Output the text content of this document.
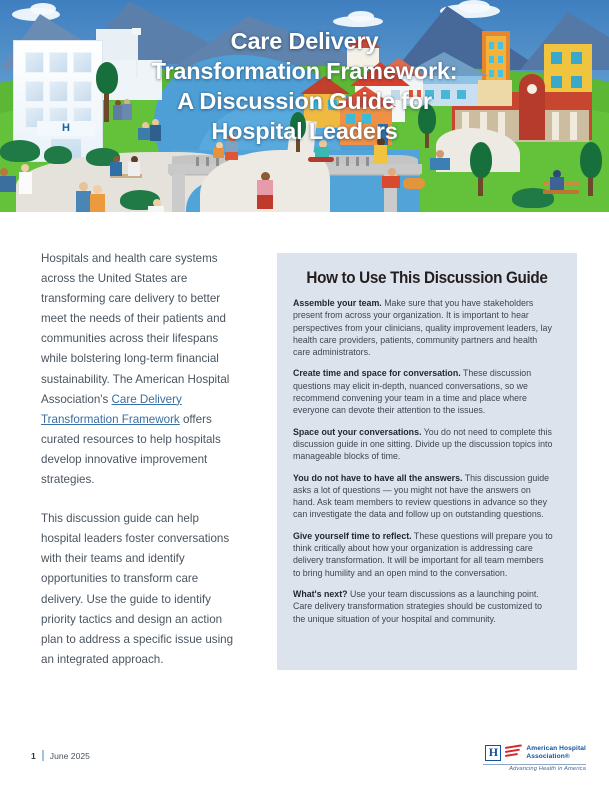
H
Care Delivery
Transformation Framework:
A Discussion Guide for
Hospital Leaders

Hospitals and health care systems across the United States are transforming care delivery to better meet the needs of their patients and communities across their lifespans while bolstering long-term financial sustainability. The American Hospital Association's Care Delivery Transformation Framework offers curated resources to help hospitals develop innovative improvement strategies.

This discussion guide can help hospital leaders foster conversations with their teams and identify opportunities to transform care delivery. Use the guide to identify priority tactics and design an action plan to address a specific issue using an integrated approach.

How to Use This Discussion Guide

Assemble your team. Make sure that you have stakeholders present from across your organization. It is important to hear perspectives from your clinicians, quality improvement leaders, lay health care providers, patients, community partners and health care administrators.

Create time and space for conversation. These discussion questions may elicit in-depth, nuanced conversations, so we recommend convening your team in a time and place where everyone can devote their attention to the issues.

Space out your conversations. You do not need to complete this discussion guide in one sitting. Divide up the discussion topics into manageable blocks of time.

You do not have to have all the answers. This discussion guide asks a lot of questions — you might not have the answers on hand. Ask team members to review questions in advance so they can investigate the data and follow up on outstanding questions.

Give yourself time to reflect. These questions will prepare you to think critically about how your organization is addressing care delivery transformation. It will be important for all team members to bring humility and an open mind to the conversation.

What's next? Use your team discussions as a launching point. Care delivery transformation strategies should be customized to the unique situation of your hospital and community.

1 June 2025	H	American Hospital
Association®
Advancing Health in America
